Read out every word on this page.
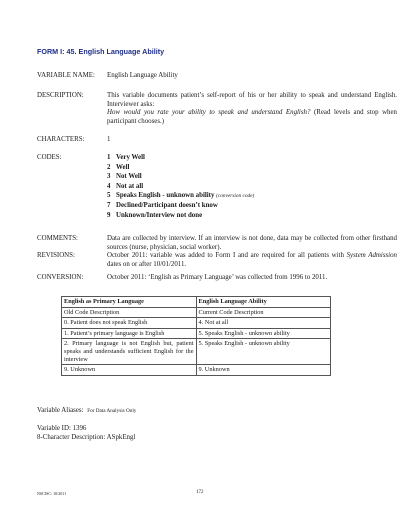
FORM I: 45. English Language Ability
VARIABLE NAME: English Language Ability
DESCRIPTION:	This variable documents patient’s self-report of his or her ability to speak and understand English. Interviewer asks:
How would you rate your ability to speak and understand English? (Read levels and stop when participant chooses.)
CHARACTERS:	1
CODES:	1 Very Well
2 Well
3 Not Well
4 Not at all
5 Speaks English - unknown ability (conversion code)
7 Declined/Participant doesn’t know
9 Unknown/Interview not done
COMMENTS:	Data are collected by interview. If an interview is not done, data may be collected from other firsthand sources (nurse, physician, social worker).
REVISIONS:	October 2011: variable was added to Form I and are required for all patients with System Admission dates on or after 10/01/2011.
CONVERSION:	October 2011: ‘English as Primary Language’ was collected from 1996 to 2011.
English as Primary Language	English Language Ability
Old Code Description	Current Code Description
0. Patient does not speak English	4. Not at all
1. Patient’s primary language is English	5. Speaks English - unknown ability
2. Primary language is not English but, patient speaks and understands sufficient English for the interview	5. Speaks English - unknown ability
9. Unknown	9. Unknown
Variable Aliases: For Data Analysis Only
Variable ID: 1396
8-Character Description: ASpkEngl
NSCISC: 10/2011	172
